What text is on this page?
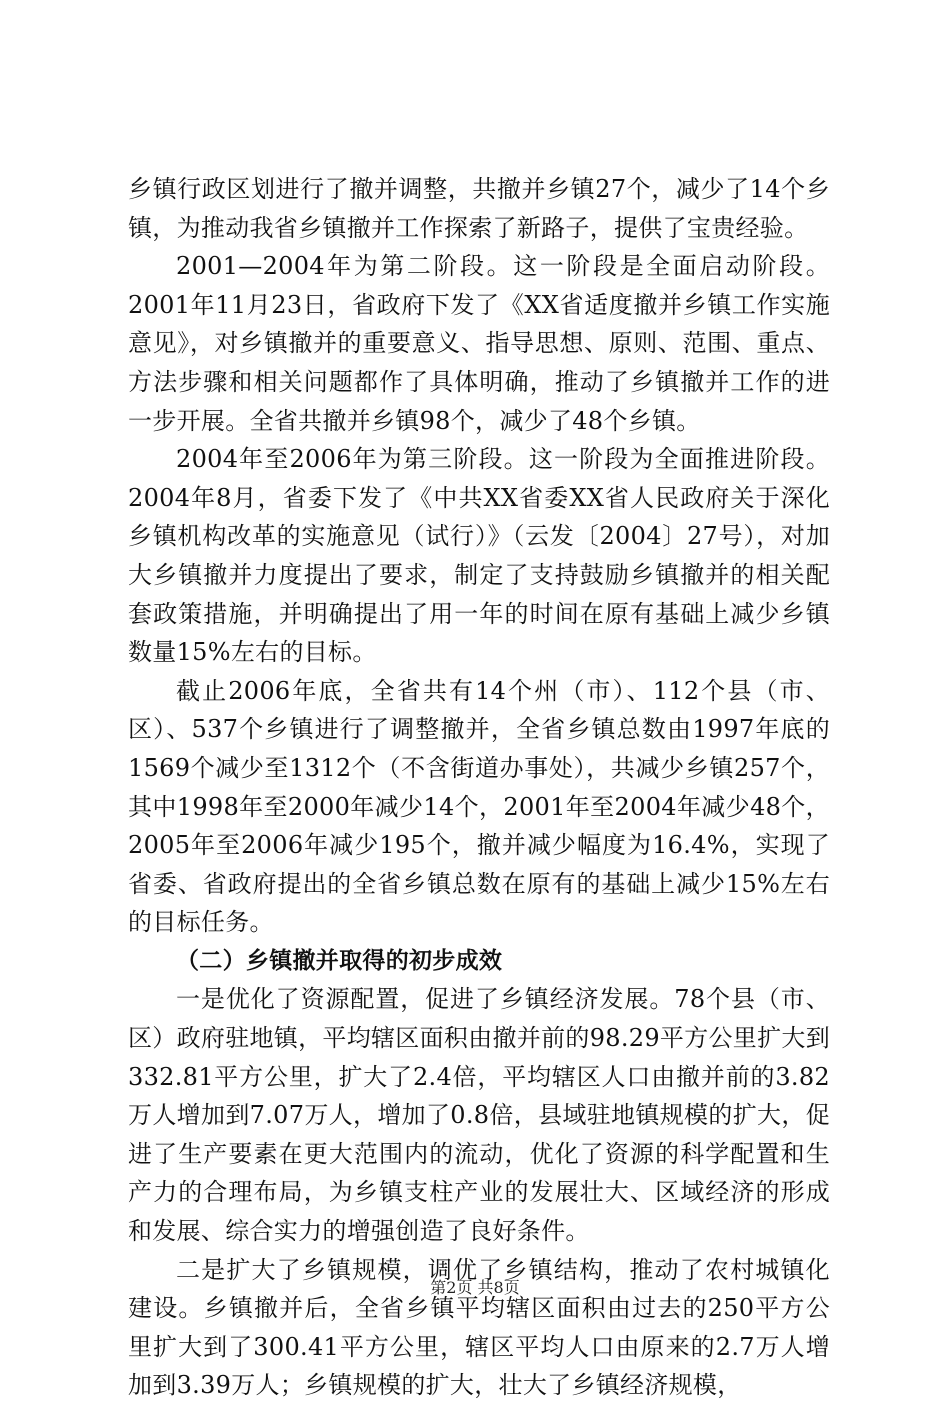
乡镇行政区划进行了撤并调整，共撤并乡镇27个，减少了14个乡镇，为推动我省乡镇撤并工作探索了新路子，提供了宝贵经验。

2001—2004年为第二阶段。这一阶段是全面启动阶段。2001年11月23日，省政府下发了《XX省适度撤并乡镇工作实施意见》，对乡镇撤并的重要意义、指导思想、原则、范围、重点、方法步骤和相关问题都作了具体明确，推动了乡镇撤并工作的进一步开展。全省共撤并乡镇98个，减少了48个乡镇。

2004年至2006年为第三阶段。这一阶段为全面推进阶段。2004年8月，省委下发了《中共XX省委XX省人民政府关于深化乡镇机构改革的实施意见（试行）》（云发〔2004〕27号），对加大乡镇撤并力度提出了要求，制定了支持鼓励乡镇撤并的相关配套政策措施，并明确提出了用一年的时间在原有基础上减少乡镇数量15%左右的目标。

截止2006年底，全省共有14个州（市）、112个县（市、区）、537个乡镇进行了调整撤并，全省乡镇总数由1997年底的1569个减少至1312个（不含街道办事处），共减少乡镇257个，其中1998年至2000年减少14个，2001年至2004年减少48个，2005年至2006年减少195个，撤并减少幅度为16.4%，实现了省委、省政府提出的全省乡镇总数在原有的基础上减少15%左右的目标任务。

（二）乡镇撤并取得的初步成效

一是优化了资源配置，促进了乡镇经济发展。78个县（市、区）政府驻地镇，平均辖区面积由撤并前的98.29平方公里扩大到332.81平方公里，扩大了2.4倍，平均辖区人口由撤并前的3.82万人增加到7.07万人，增加了0.8倍，县域驻地镇规模的扩大，促进了生产要素在更大范围内的流动，优化了资源的科学配置和生产力的合理布局，为乡镇支柱产业的发展壮大、区域经济的形成和发展、综合实力的增强创造了良好条件。

二是扩大了乡镇规模，调优了乡镇结构，推动了农村城镇化建设。乡镇撤并后，全省乡镇平均辖区面积由过去的250平方公里扩大到了300.41平方公里，辖区平均人口由原来的2.7万人增加到3.39万人；乡镇规模的扩大，壮大了乡镇经济规模，

第2页 共8页
